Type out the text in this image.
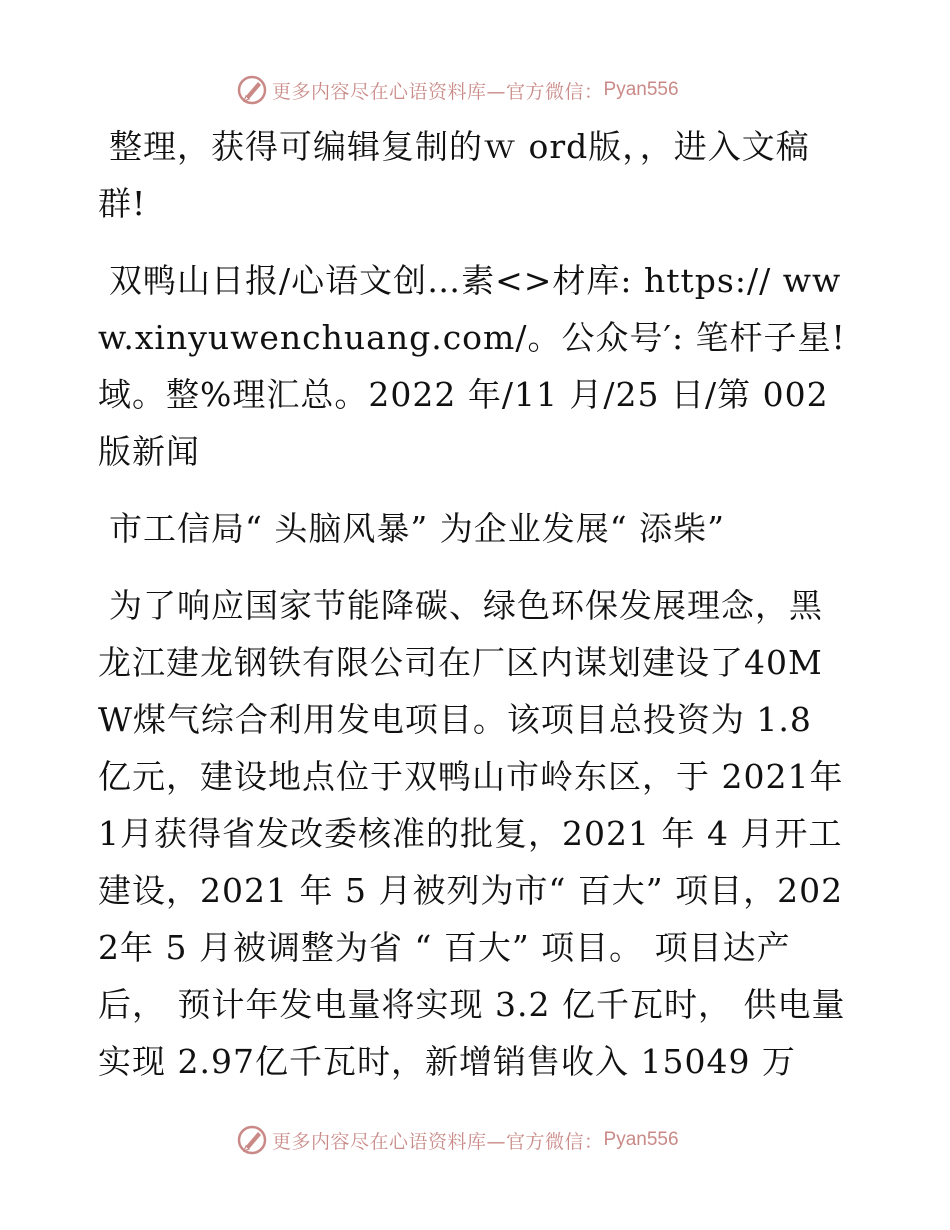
更多内容尽在心语资料库—官方微信： Pyan556

整理，获得可编辑复制的ｗ ord版，，进入文稿群!

双鸭山日报/心语文创…素<>材库: https:// www.xinyuwenchuang.com/。公众号′: 笔杆子星!域。整%理汇总。2022 年/11 月/25 日/第 002 版新闻

市工信局“ 头脑风暴” 为企业发展“ 添柴”

为了响应国家节能降碳、绿色环保发展理念，黑龙江建龙钢铁有限公司在厂区内谋划建设了40MW煤气综合利用发电项目。该项目总投资为 1.8 亿元，建设地点位于双鸭山市岭东区，于 2021年 1月获得省发改委核准的批复，2021 年 4 月开工建设，2021 年 5 月被列为市“ 百大” 项目，2022年 5 月被调整为省 “ 百大” 项目。 项目达产后， 预计年发电量将实现 3.2 亿千瓦时， 供电量实现 2.97亿千瓦时，新增销售收入 15049 万

更多内容尽在心语资料库—官方微信： Pyan556
